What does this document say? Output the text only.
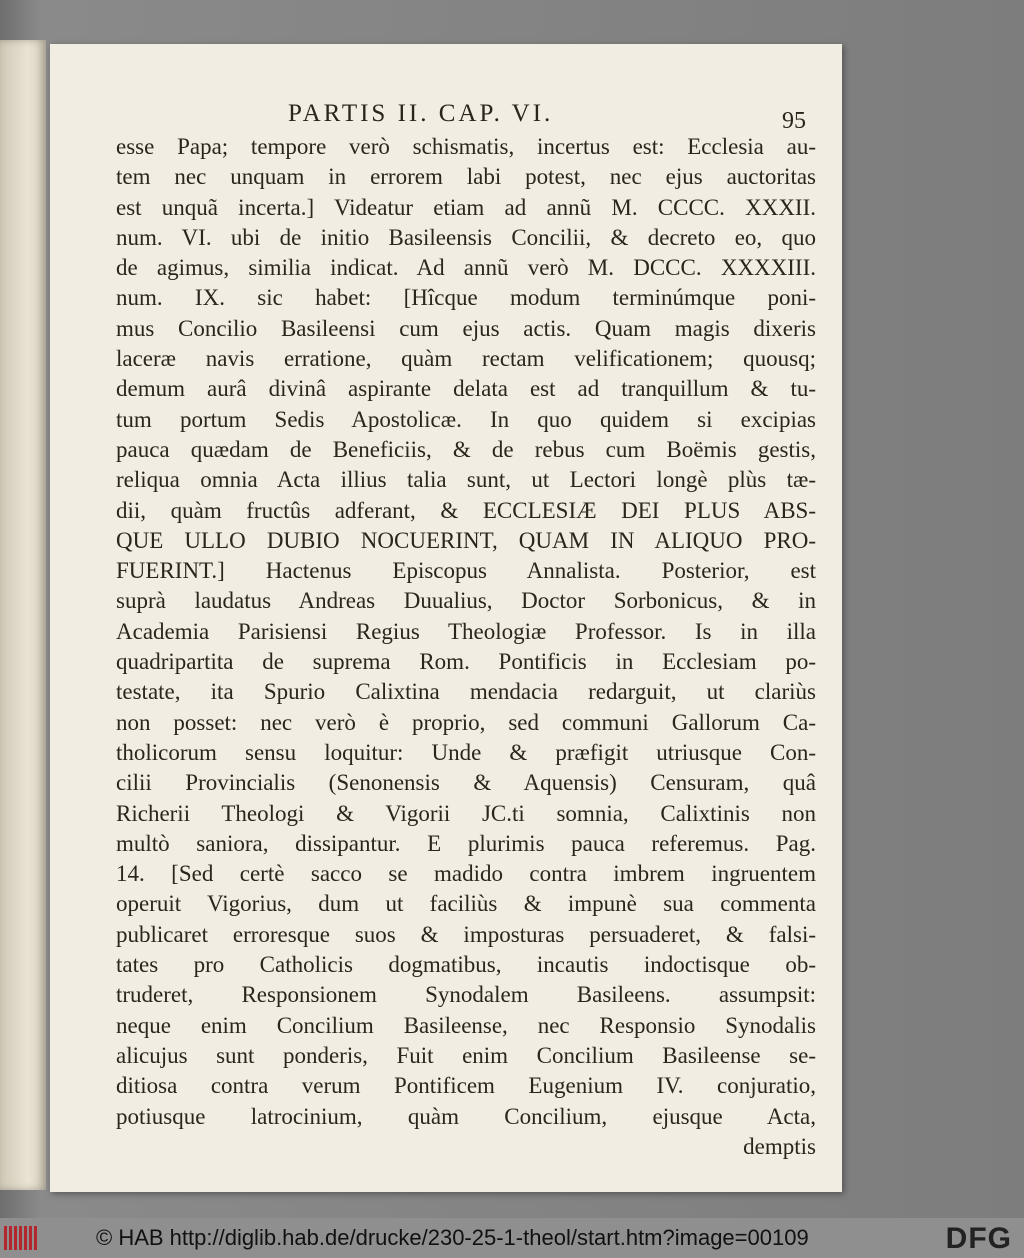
PARTIS II. CAP. VI.	95
esse Papa; tempore verò schismatis, incertus est: Ecclesia au-
tem nec unquam in errorem labi potest, nec ejus auctoritas
est unquã incerta.] Videatur etiam ad annũ M. CCCC. XXXII.
num. VI. ubi de initio Basileensis Concilii, & decreto eo, quo
de agimus, similia indicat. Ad annũ verò M. DCCC. XXXXIII.
num. IX. sic habet: [Hîcque modum terminúmque poni-
mus Concilio Basileensi cum ejus actis. Quam magis dixeris
laceræ navis erratione, quàm rectam velificationem; quousq;
demum aurâ divinâ aspirante delata est ad tranquillum & tu-
tum portum Sedis Apostolicæ. In quo quidem si excipias
pauca quædam de Beneficiis, & de rebus cum Boëmis gestis,
reliqua omnia Acta illius talia sunt, ut Lectori longè plùs tæ-
dii, quàm fructûs adferant, & ECCLESIÆ DEI PLUS ABS-
QUE ULLO DUBIO NOCUERINT, QUAM IN ALIQUO PRO-
FUERINT.] Hactenus Episcopus Annalista. Posterior, est
suprà laudatus Andreas Duualius, Doctor Sorbonicus, & in
Academia Parisiensi Regius Theologiæ Professor. Is in illa
quadripartita de suprema Rom. Pontificis in Ecclesiam po-
testate, ita Spurio Calixtina mendacia redarguit, ut clariùs
non posset: nec verò è proprio, sed communi Gallorum Ca-
tholicorum sensu loquitur: Unde & præfigit utriusque Con-
cilii Provincialis (Senonensis & Aquensis) Censuram, quâ
Richerii Theologi & Vigorii JC.ti somnia, Calixtinis non
multò saniora, dissipantur. E plurimis pauca referemus. Pag.
14. [Sed certè sacco se madido contra imbrem ingruentem
operuit Vigorius, dum ut faciliùs & impunè sua commenta
publicaret erroresque suos & imposturas persuaderet, & falsi-
tates pro Catholicis dogmatibus, incautis indoctisque ob-
truderet, Responsionem Synodalem Basileens. assumpsit:
neque enim Concilium Basileense, nec Responsio Synodalis
alicujus sunt ponderis, Fuit enim Concilium Basileense se-
ditiosa contra verum Pontificem Eugenium IV. conjuratio,
potiusque latrocinium, quàm Concilium, ejusque Acta,
demptis
© HAB http://diglib.hab.de/drucke/230-25-1-theol/start.htm?image=00109	DFG
